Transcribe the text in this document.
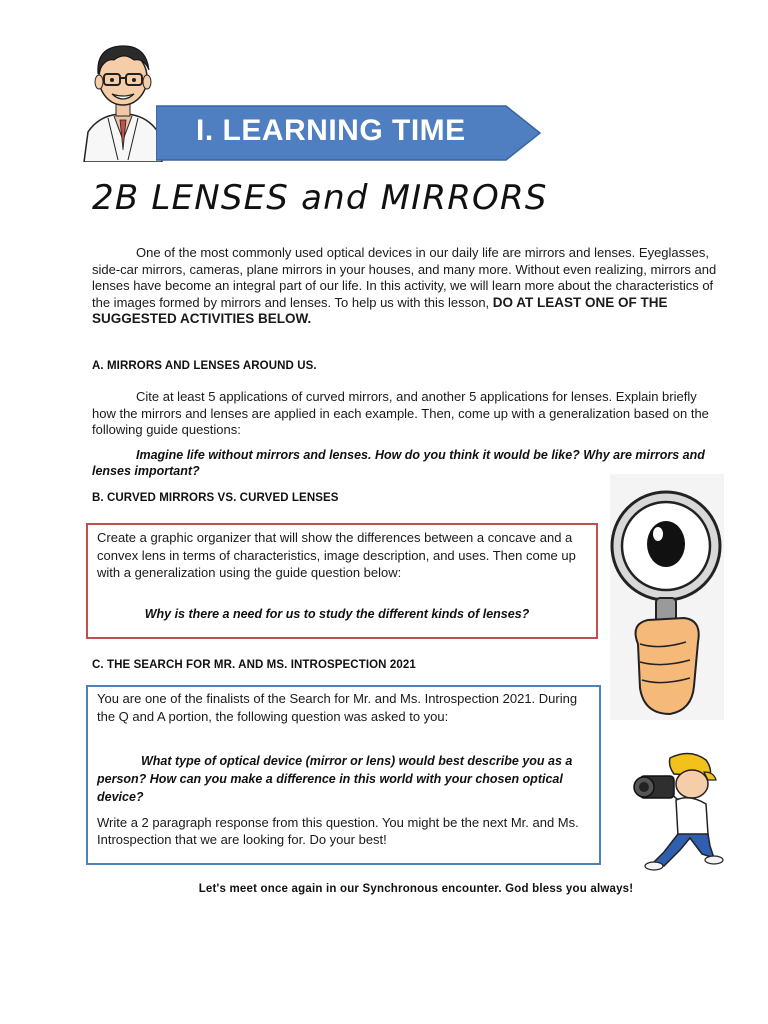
I. LEARNING TIME
2B LENSES and MIRRORS
One of the most commonly used optical devices in our daily life are mirrors and lenses. Eyeglasses, side-car mirrors, cameras, plane mirrors in your houses, and many more. Without even realizing, mirrors and lenses have become an integral part of our life. In this activity, we will learn more about the characteristics of the images formed by mirrors and lenses. To help us with this lesson, DO AT LEAST ONE OF THE SUGGESTED ACTIVITIES BELOW.
A. MIRRORS AND LENSES AROUND US.
Cite at least 5 applications of curved mirrors, and another 5 applications for lenses. Explain briefly how the mirrors and lenses are applied in each example. Then, come up with a generalization based on the following guide questions:
Imagine life without mirrors and lenses. How do you think it would be like? Why are mirrors and lenses important?
B. CURVED MIRRORS VS. CURVED LENSES
Create a graphic organizer that will show the differences between a concave and a convex lens in terms of characteristics, image description, and uses. Then come up with a generalization using the guide question below:
Why is there a need for us to study the different kinds of lenses?
C. THE SEARCH FOR MR. AND MS. INTROSPECTION 2021
You are one of the finalists of the Search for Mr. and Ms. Introspection 2021. During the Q and A portion, the following question was asked to you:
What type of optical device (mirror or lens) would best describe you as a person? How can you make a difference in this world with your chosen optical device?
Write a 2 paragraph response from this question. You might be the next Mr. and Ms. Introspection that we are looking for. Do your best!
Let's meet once again in our Synchronous encounter. God bless you always!
